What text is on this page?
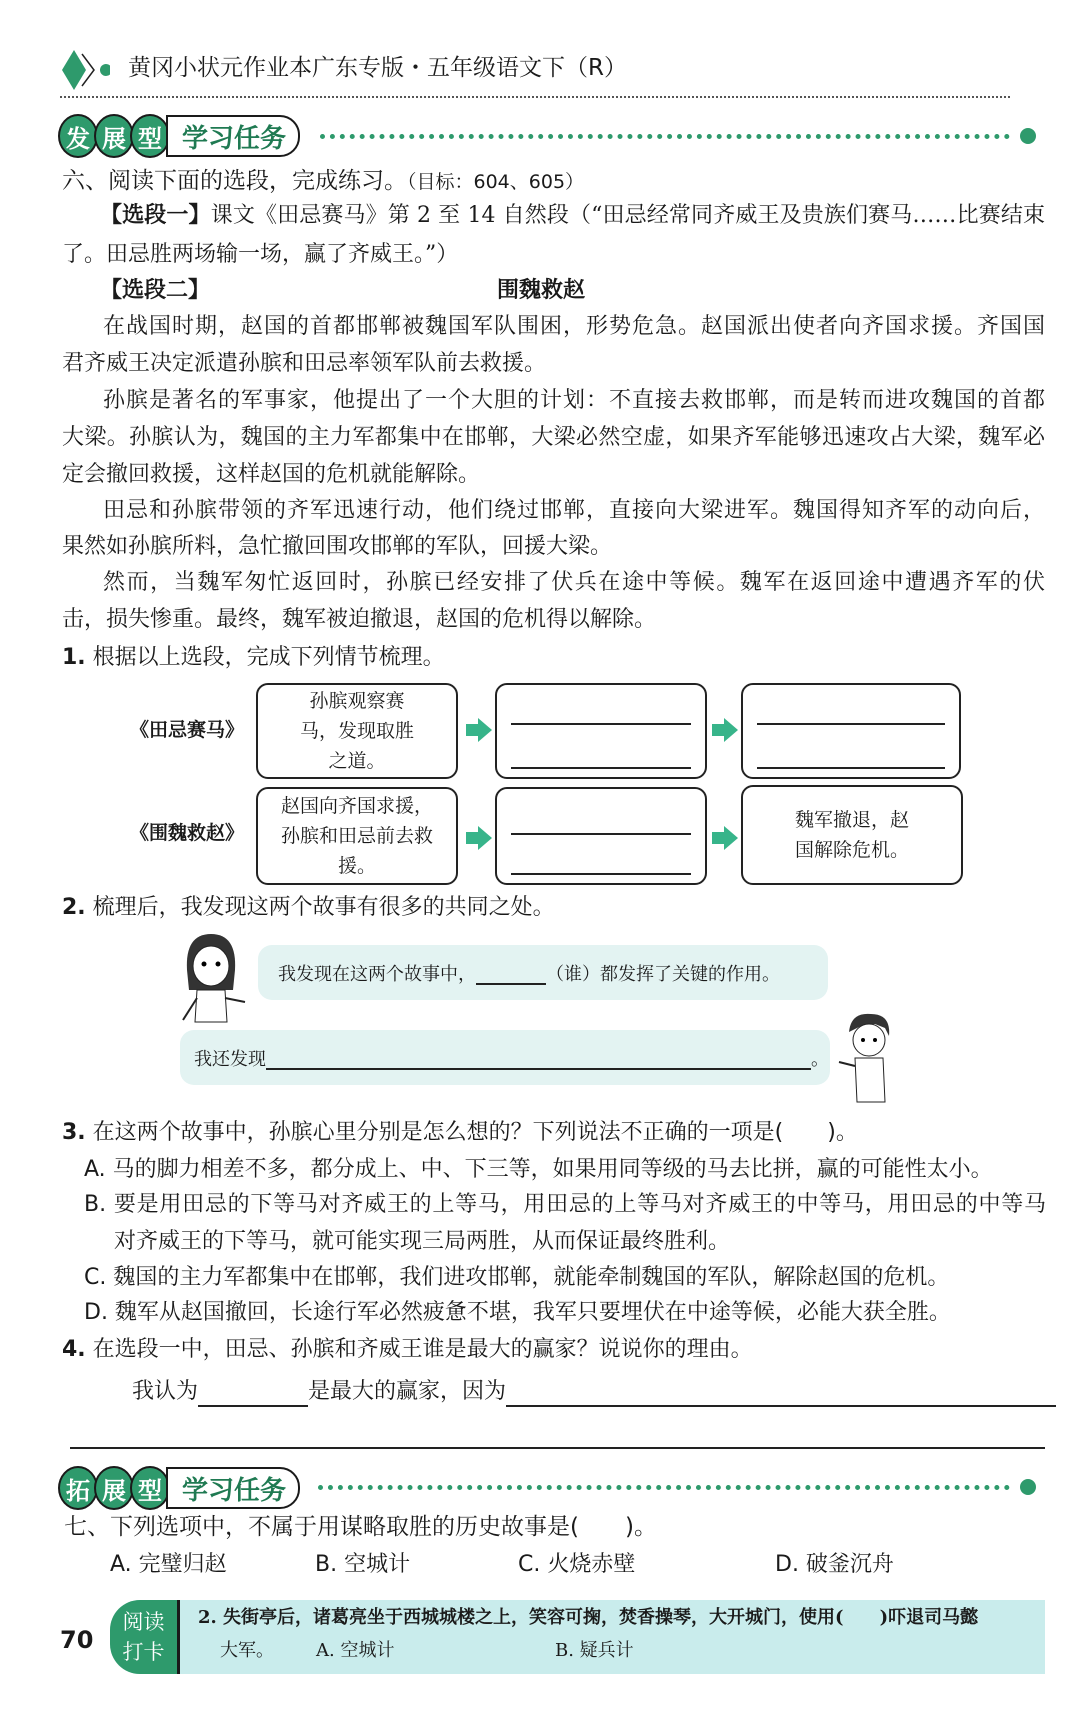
黄冈小状元作业本广东专版・五年级语文下（R）
发 展 型 学习任务
六、阅读下面的选段，完成练习。（目标：604、605）
【选段一】课文《田忌赛马》第 2 至 14 自然段（“田忌经常同齐威王及贵族们赛马……比赛结束
了。田忌胜两场输一场，赢了齐威王。”）
【选段二】	围魏救赵
在战国时期，赵国的首都邯郸被魏国军队围困，形势危急。赵国派出使者向齐国求援。齐国国
君齐威王决定派遣孙膑和田忌率领军队前去救援。
孙膑是著名的军事家，他提出了一个大胆的计划：不直接去救邯郸，而是转而进攻魏国的首都
大梁。孙膑认为，魏国的主力军都集中在邯郸，大梁必然空虚，如果齐军能够迅速攻占大梁，魏军必
定会撤回救援，这样赵国的危机就能解除。
田忌和孙膑带领的齐军迅速行动，他们绕过邯郸，直接向大梁进军。魏国得知齐军的动向后，
果然如孙膑所料，急忙撤回围攻邯郸的军队，回援大梁。
然而，当魏军匆忙返回时，孙膑已经安排了伏兵在途中等候。魏军在返回途中遭遇齐军的伏
击，损失惨重。最终，魏军被迫撤退，赵国的危机得以解除。
1. 根据以上选段，完成下列情节梳理。
《田忌赛马》
孙膑观察赛马，发现取胜之道。
《围魏救赵》
赵国向齐国求援，孙膑和田忌前去救援。
魏军撤退，赵国解除危机。
2. 梳理后，我发现这两个故事有很多的共同之处。
我发现在这两个故事中，	（谁）都发挥了关键的作用。
我还发现	。
3. 在这两个故事中，孙膑心里分别是怎么想的？下列说法不正确的一项是(　　)。
A. 马的脚力相差不多，都分成上、中、下三等，如果用同等级的马去比拼，赢的可能性太小。
B. 要是用田忌的下等马对齐威王的上等马，用田忌的上等马对齐威王的中等马，用田忌的中等马
对齐威王的下等马，就可能实现三局两胜，从而保证最终胜利。
C. 魏国的主力军都集中在邯郸，我们进攻邯郸，就能牵制魏国的军队，解除赵国的危机。
D. 魏军从赵国撤回，长途行军必然疲惫不堪，我军只要埋伏在中途等候，必能大获全胜。
4. 在选段一中，田忌、孙膑和齐威王谁是最大的赢家？说说你的理由。
我认为	是最大的赢家，因为
拓 展 型 学习任务
七、下列选项中，不属于用谋略取胜的历史故事是(　　)。
A. 完璧归赵	B. 空城计	C. 火烧赤壁	D. 破釜沉舟
70
阅读
打卡
2. 失街亭后，诸葛亮坐于西城城楼之上，笑容可掬，焚香操琴，大开城门，使用(　　)吓退司马懿
大军。 A. 空城计	B. 疑兵计
